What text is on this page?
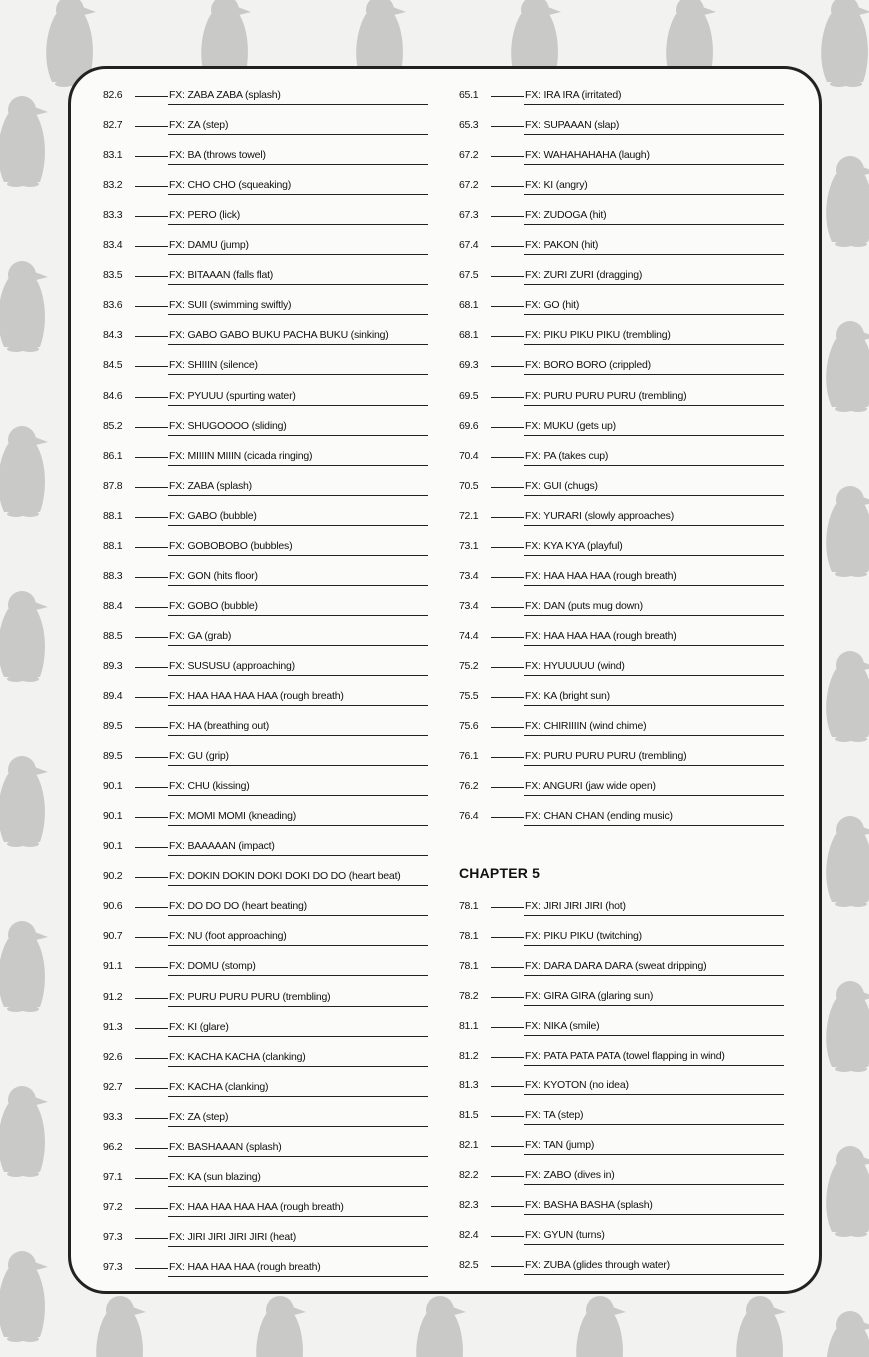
82.6	FX: ZABA ZABA (splash)
82.7	FX: ZA (step)
83.1	FX: BA (throws towel)
83.2	FX: CHO CHO (squeaking)
83.3	FX: PERO (lick)
83.4	FX: DAMU (jump)
83.5	FX: BITAAAN (falls flat)
83.6	FX: SUII (swimming swiftly)
84.3	FX: GABO GABO BUKU PACHA BUKU (sinking)
84.5	FX: SHIIIN (silence)
84.6	FX: PYUUU (spurting water)
85.2	FX: SHUGOOOO (sliding)
86.1	FX: MIIIIN MIIIN (cicada ringing)
87.8	FX: ZABA (splash)
88.1	FX: GABO (bubble)
88.1	FX: GOBOBOBO (bubbles)
88.3	FX: GON (hits floor)
88.4	FX: GOBO (bubble)
88.5	FX: GA (grab)
89.3	FX: SUSUSU (approaching)
89.4	FX: HAA HAA HAA HAA (rough breath)
89.5	FX: HA (breathing out)
89.5	FX: GU (grip)
90.1	FX: CHU (kissing)
90.1	FX: MOMI MOMI (kneading)
90.1	FX: BAAAAAN (impact)
90.2	FX: DOKIN DOKIN DOKI DOKI DO DO (heart beat)
90.6	FX: DO DO DO (heart beating)
90.7	FX: NU (foot approaching)
91.1	FX: DOMU (stomp)
91.2	FX: PURU PURU PURU (trembling)
91.3	FX: KI (glare)
92.6	FX: KACHA KACHA (clanking)
92.7	FX: KACHA (clanking)
93.3	FX: ZA (step)
96.2	FX: BASHAAAN (splash)
97.1	FX: KA (sun blazing)
97.2	FX: HAA HAA HAA HAA (rough breath)
97.3	FX: JIRI JIRI JIRI JIRI (heat)
97.3	FX: HAA HAA HAA (rough breath)
65.1	FX: IRA IRA (irritated)
65.3	FX: SUPAAAN (slap)
67.2	FX: WAHAHAHAHA (laugh)
67.2	FX: KI (angry)
67.3	FX: ZUDOGA (hit)
67.4	FX: PAKON (hit)
67.5	FX: ZURI ZURI (dragging)
68.1	FX: GO (hit)
68.1	FX: PIKU PIKU PIKU (trembling)
69.3	FX: BORO BORO (crippled)
69.5	FX: PURU PURU PURU (trembling)
69.6	FX: MUKU (gets up)
70.4	FX: PA (takes cup)
70.5	FX: GUI (chugs)
72.1	FX: YURARI (slowly approaches)
73.1	FX: KYA KYA (playful)
73.4	FX: HAA HAA HAA (rough breath)
73.4	FX: DAN (puts mug down)
74.4	FX: HAA HAA HAA (rough breath)
75.2	FX: HYUUUUU (wind)
75.5	FX: KA (bright sun)
75.6	FX: CHIRIIIIN (wind chime)
76.1	FX: PURU PURU PURU (trembling)
76.2	FX: ANGURI (jaw wide open)
76.4	FX: CHAN CHAN (ending music)
CHAPTER 5
78.1	FX: JIRI JIRI JIRI (hot)
78.1	FX: PIKU PIKU (twitching)
78.1	FX: DARA DARA DARA (sweat dripping)
78.2	FX: GIRA GIRA (glaring sun)
81.1	FX: NIKA (smile)
81.2	FX: PATA PATA PATA (towel flapping in wind)
81.3	FX: KYOTON (no idea)
81.5	FX: TA (step)
82.1	FX: TAN (jump)
82.2	FX: ZABO (dives in)
82.3	FX: BASHA BASHA (splash)
82.4	FX: GYUN (turns)
82.5	FX: ZUBA (glides through water)
